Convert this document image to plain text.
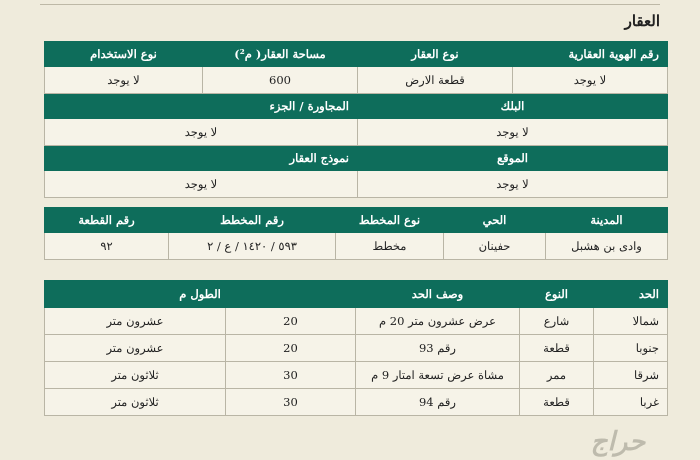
العقار
رقم الهوية العقارية	نوع العقار	مساحة العقار( م²)	نوع الاستخدام
لا يوجد	قطعة الارض	600	لا يوجد
البلك		المجاورة / الجزء	
لا يوجد		لا يوجد	
الموقع		نموذج العقار	
لا يوجد		لا يوجد	
المدينة	الحي	نوع المخطط	رقم المخطط	رقم القطعة
وادى بن هشبل	حفينان	مخطط	٥٩٣ / ١٤٢٠ / ع / ٢	٩٢
الحد	النوع	وصف الحد	الطول م	
شمالا	شارع	عرض عشرون متر 20 م	20	عشرون متر
جنوبا	قطعة	رقم 93	20	عشرون متر
شرقا	ممر	مشاة عرض تسعة امتار 9 م	30	ثلاثون متر
غربا	قطعة	رقم 94	30	ثلاثون متر
حراج
